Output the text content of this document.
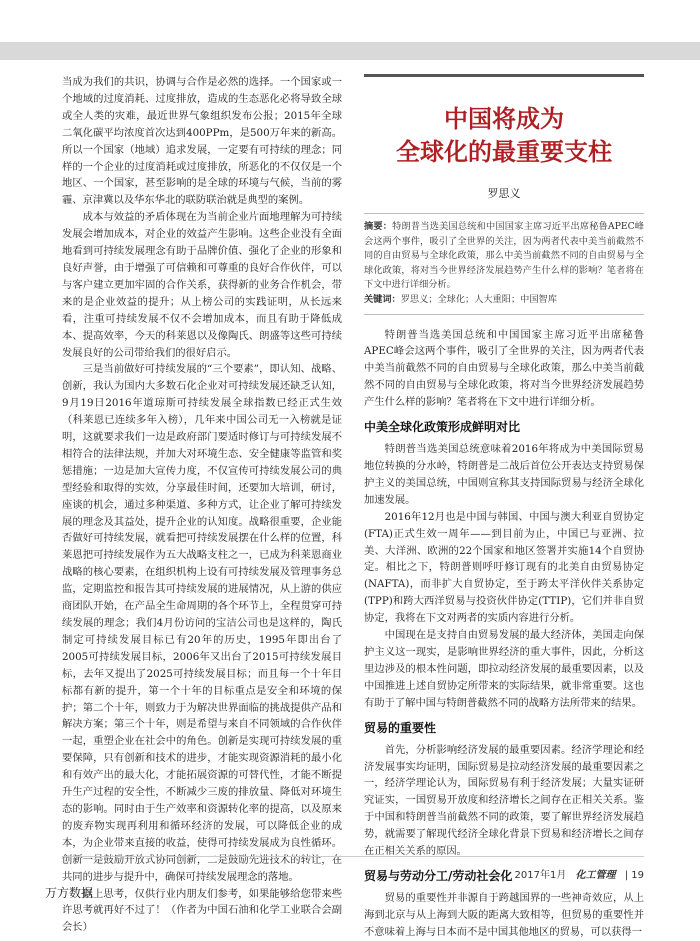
当成为我们的共识，协调与合作是必然的选择。一个国家或一个地域的过度消耗、过度排放，造成的生态恶化必将导致全球或全人类的灾难，最近世界气象组织发布公报；2015年全球二氧化碳平均浓度首次达到400PPm，是500万年来的新高。所以一个国家（地域）追求发展，一定要有可持续的理念；同样的一个企业的过度消耗或过度排放，所恶化的不仅仅是一个地区、一个国家，甚至影响的是全球的环境与气候，当前的雾霾、京津冀以及华东华北的联防联治就是典型的案例。

成本与效益的矛盾体现在为当前企业片面地理解为可持续发展会增加成本，对企业的效益产生影响。这些企业没有全面地看到可持续发展理念有助于品牌价值、强化了企业的形象和良好声誉，由于增强了可信赖和可尊重的良好合作伙伴，可以与客户建立更加牢固的合作关系，获得新的业务合作机会，带来的是企业效益的提升；从上榜公司的实践证明，从长远来看，注重可持续发展不仅不会增加成本，而且有助于降低成本、提高效率，今天的科莱恩以及像陶氏、朗盛等这些可持续发展良好的公司带给我们的很好启示。

三是当前做好可持续发展的“三个要素”，即认知、战略、创新，我认为国内大多数石化企业对可持续发展还缺乏认知，9月19日2016年道琼斯可持续发展全球指数已经正式生效（科莱恩已连续多年入榜），几年来中国公司无一入榜就是证明，这就要求我们一边是政府部门要适时修订与可持续发展不相符合的法律法规，并加大对环境生态、安全健康等监管和奖惩措施；一边是加大宣传力度，不仅宣传可持续发展公司的典型经验和取得的实效，分享最佳时间，还要加大培训，研讨，座谈的机会，通过多种渠道、多种方式，让企业了解可持续发展的理念及其益处，提升企业的认知度。战略很重要，企业能否做好可持续发展，就看把可持续发展摆在什么样的位置，科莱恩把可持续发展作为五大战略支柱之一，已成为科莱恩商业战略的核心要素，在组织机构上设有可持续发展及管理事务总监，定期监控和报告其可持续发展的进展情况，从上游的供应商团队开始，在产品全生命周期的各个环节上，全程贯穿可持续发展的理念；我们4月份访问的宝洁公司也是这样的，陶氏制定可持续发展目标已有20年的历史，1995年即出台了2005可持续发展目标，2006年又出台了2015可持续发展目标，去年又提出了2025可持续发展目标；而且每一个十年目标都有新的提升，第一个十年的目标重点是安全和环境的保护；第二个十年，则致力于为解决世界面临的挑战提供产品和解决方案；第三个十年，则是希望与来自不同领域的合作伙伴一起，重塑企业在社会中的角色。创新是实现可持续发展的重要保障，只有创新和技术的进步，才能实现资源消耗的最小化和有效产出的最大化，才能拓展资源的可替代性，才能不断提升生产过程的安全性，不断减少三废的排放量、降低对环境生态的影响。同时由于生产效率和资源转化率的提高，以及原来的废弃物实现再利用和循环经济的发展，可以降低企业的成本，为企业带来直接的收益，使得可持续发展成为良性循环。创新一是鼓励开放式协同创新，二是鼓励先进技术的转让，在共同的进步与提升中，确保可持续发展理念的落地。

以上思考，仅供行业内朋友们参考，如果能够给您带来些许思考就再好不过了！（作者为中国石油和化学工业联合会副会长）

中国将成为
全球化的最重要支柱
罗思义
摘要：特朗普当选美国总统和中国国家主席习近平出席秘鲁APEC峰会这两个事件，吸引了全世界的关注，因为两者代表中美当前截然不同的自由贸易与全球化政策，那么中美当前截然不同的自由贸易与全球化政策，将对当今世界经济发展趋势产生什么样的影响？笔者将在下文中进行详细分析。
关键词：罗思义；全球化；人大重阳；中国智库

特朗普当选美国总统和中国国家主席习近平出席秘鲁APEC峰会这两个事件，吸引了全世界的关注，因为两者代表中美当前截然不同的自由贸易与全球化政策，那么中美当前截然不同的自由贸易与全球化政策，将对当今世界经济发展趋势产生什么样的影响？笔者将在下文中进行详细分析。

中美全球化政策形成鲜明对比

特朗普当选美国总统意味着2016年将成为中美国际贸易地位转换的分水岭，特朗普是二战后首位公开表达支持贸易保护主义的美国总统，中国则宣称其支持国际贸易与经济全球化加速发展。

2016年12月也是中国与韩国、中国与澳大利亚自贸协定(FTA)正式生效一周年——到目前为止，中国已与亚洲、拉美、大洋洲、欧洲的22个国家和地区签署并实施14个自贸协定。相比之下，特朗普则呼吁修订现有的北美自由贸易协定(NAFTA)，而非扩大自贸协定，至于跨太平洋伙伴关系协定(TPP)和跨大西洋贸易与投资伙伴协定(TTIP)，它们并非自贸协定，我将在下文对两者的实质内容进行分析。

中国现在是支持自由贸易发展的最大经济体，美国走向保护主义这一现实，是影响世界经济的重大事件，因此，分析这里边涉及的根本性问题，即拉动经济发展的最重要因素，以及中国推进上述自贸协定所带来的实际结果，就非常重要。这也有助于了解中国与特朗普截然不同的战略方法所带来的结果。

贸易的重要性

首先，分析影响经济发展的最重要因素。经济学理论和经济发展事实均证明，国际贸易是拉动经济发展的最重要因素之一，经济学理论认为，国际贸易有利于经济发展；大量实证研究证实，一国贸易开放度和经济增长之间存在正相关关系。鉴于中国和特朗普当前截然不同的政策，要了解世界经济发展趋势，就需要了解现代经济全球化背景下贸易和经济增长之间存在正相关关系的原因。

贸易与劳动分工/劳动社会化

贸易的重要性并非源自于跨越国界的一些神奇效应，从上海到北京与从上海到大阪的距离大致相等，但贸易的重要性并不意味着上海与日本而不是中国其他地区的贸易，可以获得一

2017年1月 化工管理 | 19
万方数据
